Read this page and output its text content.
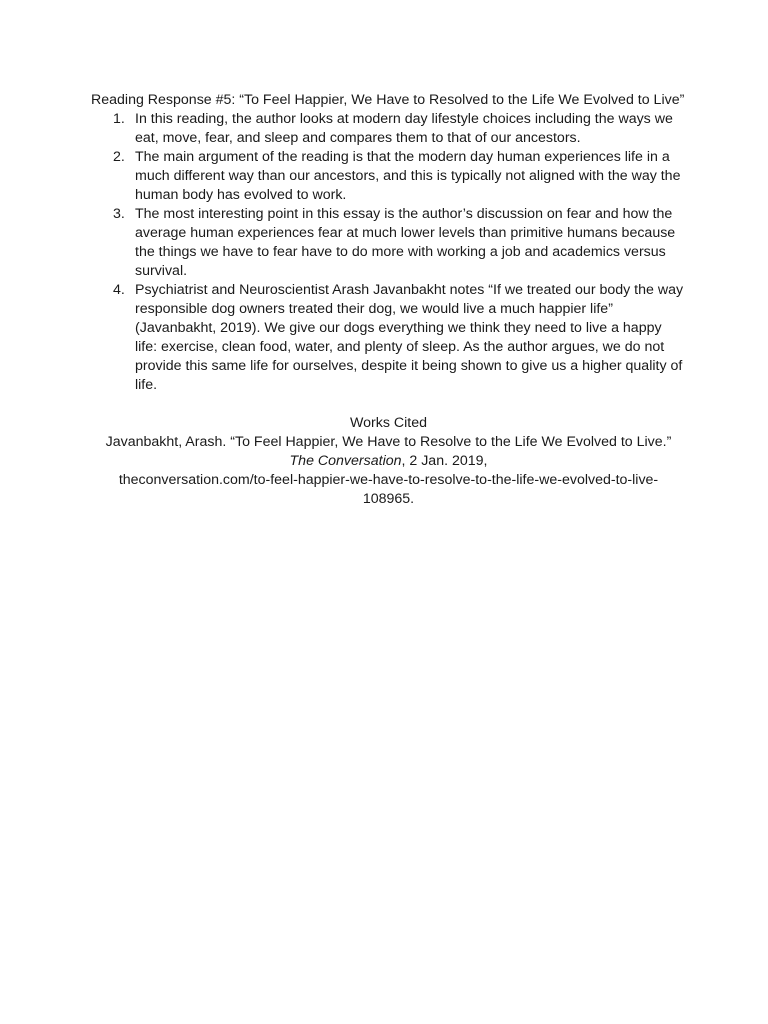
Reading Response #5: “To Feel Happier, We Have to Resolved to the Life We Evolved to Live”
1. In this reading, the author looks at modern day lifestyle choices including the ways we eat, move, fear, and sleep and compares them to that of our ancestors.
2. The main argument of the reading is that the modern day human experiences life in a much different way than our ancestors, and this is typically not aligned with the way the human body has evolved to work.
3. The most interesting point in this essay is the author’s discussion on fear and how the average human experiences fear at much lower levels than primitive humans because the things we have to fear have to do more with working a job and academics versus survival.
4. Psychiatrist and Neuroscientist Arash Javanbakht notes “If we treated our body the way responsible dog owners treated their dog, we would live a much happier life” (Javanbakht, 2019). We give our dogs everything we think they need to live a happy life: exercise, clean food, water, and plenty of sleep. As the author argues, we do not provide this same life for ourselves, despite it being shown to give us a higher quality of life.
Works Cited

Javanbakht, Arash. “To Feel Happier, We Have to Resolve to the Life We Evolved to Live.” The Conversation, 2 Jan. 2019,
theconversation.com/to-feel-happier-we-have-to-resolve-to-the-life-we-evolved-to-live-108965.
